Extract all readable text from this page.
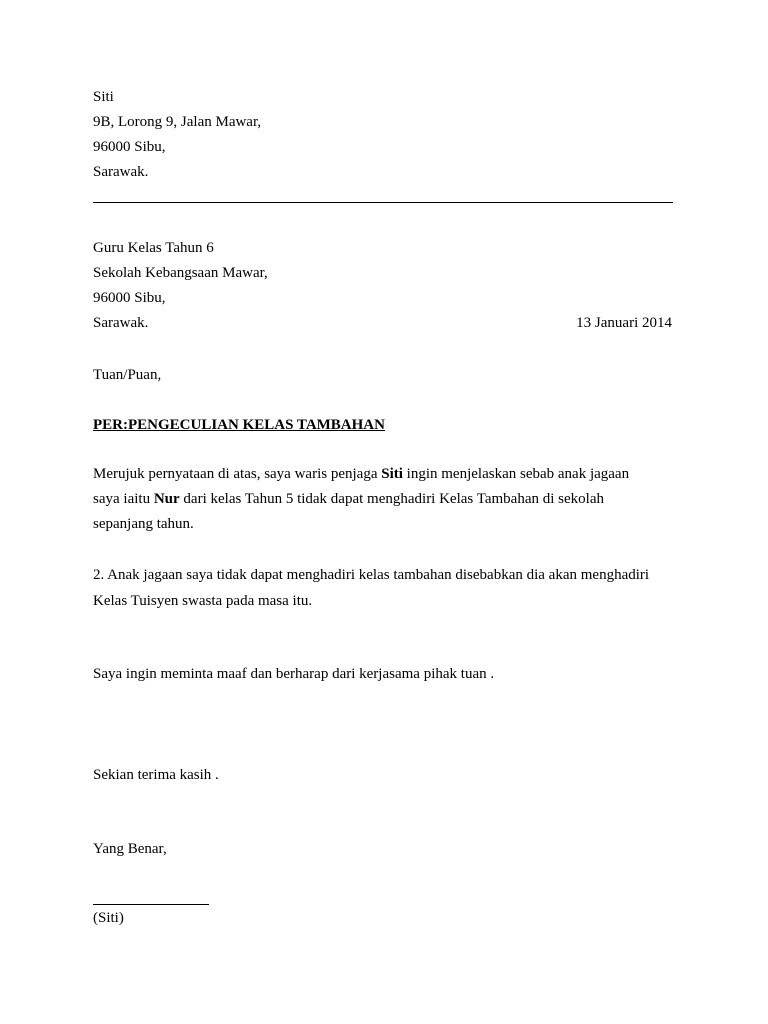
Siti
9B, Lorong 9, Jalan Mawar,
96000 Sibu,
Sarawak.
Guru Kelas Tahun 6
Sekolah Kebangsaan Mawar,
96000 Sibu,
Sarawak.	13 Januari 2014
Tuan/Puan,
PER:PENGECULIAN KELAS TAMBAHAN
Merujuk pernyataan di atas, saya waris penjaga Siti ingin menjelaskan sebab anak jagaan
saya iaitu Nur dari kelas Tahun 5 tidak dapat menghadiri Kelas Tambahan di sekolah
sepanjang tahun.
2. Anak jagaan saya tidak dapat menghadiri kelas tambahan disebabkan dia akan menghadiri
Kelas Tuisyen swasta pada masa itu.
Saya ingin meminta maaf dan berharap dari kerjasama pihak tuan .
Sekian terima kasih .
Yang Benar,
(Siti)
